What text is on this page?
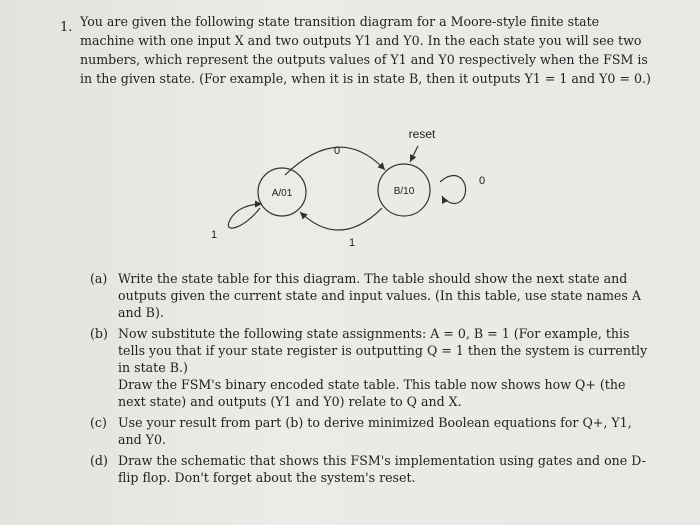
1. You are given the following state transition diagram for a Moore-style finite state machine with one input X and two outputs Y1 and Y0. In the each state you will see two numbers, which represent the outputs values of Y1 and Y0 respectively when the FSM is in the given state. (For example, when it is in state B, then it outputs Y1 = 1 and Y0 = 0.)

reset
0
1
1
0
A/01	B/10
(a) Write the state table for this diagram. The table should show the next state and outputs given the current state and input values. (In this table, use state names A and B).
(b) Now substitute the following state assignments: A = 0, B = 1 (For example, this tells you that if your state register is outputting Q = 1 then the system is currently in state B.)
Draw the FSM's binary encoded state table. This table now shows how Q+ (the next state) and outputs (Y1 and Y0) relate to Q and X.
(c) Use your result from part (b) to derive minimized Boolean equations for Q+, Y1, and Y0.
(d) Draw the schematic that shows this FSM's implementation using gates and one D-flip flop. Don't forget about the system's reset.
